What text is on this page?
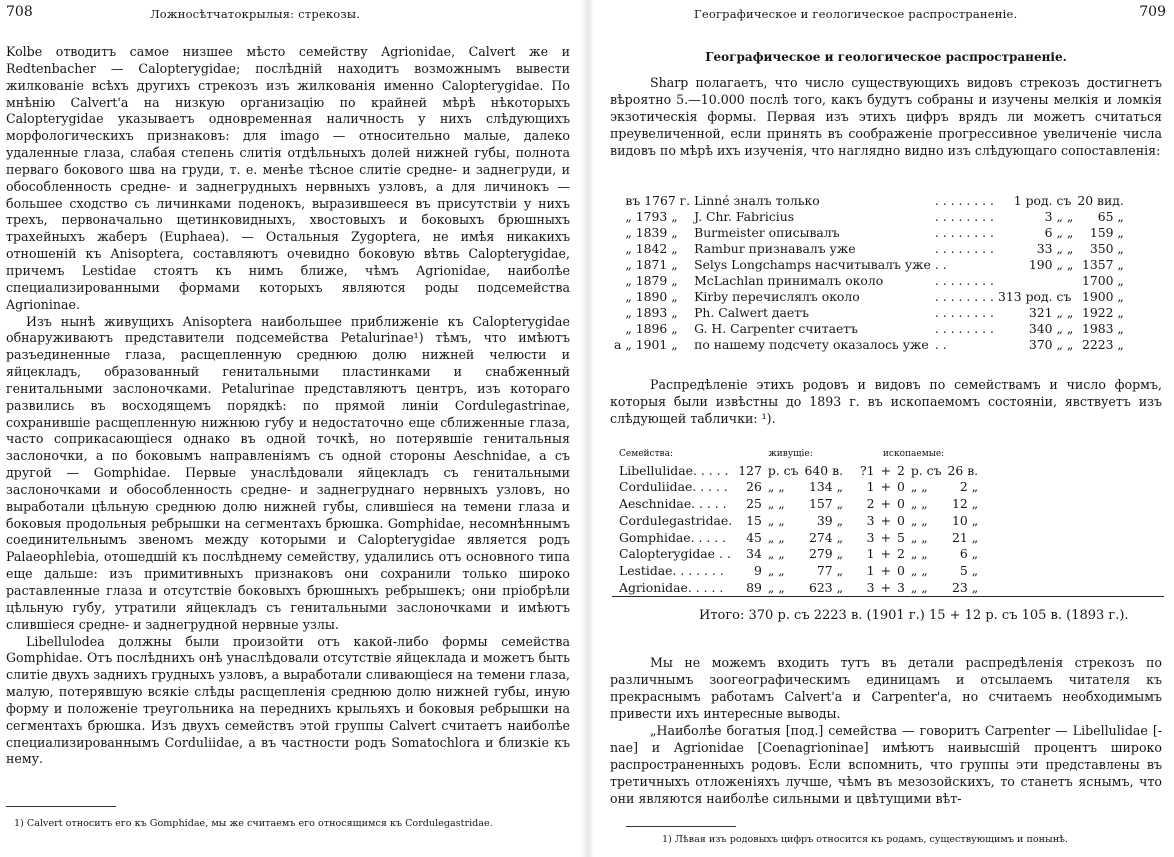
708	Ложносѣтчатокрылыя: стрекозы.

Kolbe отводитъ самое низшее мѣсто семейству Agrionidae, Calvert же и Redtenbacher — Calopterygidae; послѣдній находитъ возможнымъ вывести жилкованіе всѣхъ другихъ стрекозъ изъ жилкованія именно Calopterygidae. По мнѣнію Calvert'а на низкую организацію по крайней мѣрѣ нѣкоторыхъ Calopterygidae указываетъ одновременная наличность у нихъ слѣдующихъ морфологическихъ признаковъ: для imago — относительно малые, далеко удаленные глаза, слабая степень слитія отдѣльныхъ долей нижней губы, полнота перваго бокового шва на груди, т. е. менѣе тѣсное слитіе средне- и заднегруди, и обособленность средне- и заднегрудныхъ нервныхъ узловъ, а для личинокъ — большее сходство съ личинками поденокъ, выразившееся въ присутствіи у нихъ трехъ, первоначально щетинковидныхъ, хвостовыхъ и боковыхъ брюшныхъ трахейныхъ жаберъ (Euphaea). — Остальныя Zygoptera, не имѣя никакихъ отношеній къ Anisoptera, составляютъ очевидно боковую вѣтвь Calopterygidae, причемъ Lestidae стоятъ къ нимъ ближе, чѣмъ Agrionidae, наиболѣе специализированными формами которыхъ являются роды подсемейства Agrioninae.

Изъ нынѣ живущихъ Anisoptera наибольшее приближеніе къ Calopterygidae обнаруживаютъ представители подсемейства Petalurinae¹) тѣмъ, что имѣютъ разъединенные глаза, расщепленную среднюю долю нижней челюсти и яйцекладъ, образованный генитальными пластинками и снабженный генитальными заслоночками. Petalurinae представляютъ центръ, изъ котораго развились въ восходящемъ порядкѣ: по прямой линіи Cordulegastrinae, сохранившіе расщепленную нижнюю губу и недостаточно еще сближенные глаза, часто соприкасающіеся однако въ одной точкѣ, но потерявшіе генитальныя заслоночки, а по боковымъ направленіямъ съ одной стороны Aeschnidae, а съ другой — Gomphidae. Первые унаслѣдовали яйцекладъ съ генитальными заслоночками и обособленность средне- и заднегруднаго нервныхъ узловъ, но выработали цѣльную среднюю долю нижней губы, слившіеся на темени глаза и боковыя продольныя ребрышки на сегментахъ брюшка. Gomphidae, несомнѣннымъ соединительнымъ звеномъ между которыми и Calopterygidae является родъ Palaeophlebia, отошедшій къ послѣднему семейству, удалились отъ основного типа еще дальше: изъ примитивныхъ признаковъ они сохранили только широко раставленные глаза и отсутствіе боковыхъ брюшныхъ ребрышекъ; они пріобрѣли цѣльную губу, утратили яйцекладъ съ генитальными заслоночками и имѣютъ слившіеся средне- и заднегрудной нервные узлы.

Libellulodea должны были произойти отъ какой-либо формы семейства Gomphidae. Отъ послѣднихъ онѣ унаслѣдовали отсутствіе яйцеклада и можетъ быть слитіе двухъ заднихъ грудныхъ узловъ, а выработали сливающіеся на темени глаза, малую, потерявшую всякіе слѣды расщепленія среднюю долю нижней губы, иную форму и положеніе треугольника на переднихъ крыльяхъ и боковыя ребрышки на сегментахъ брюшка. Изъ двухъ семействъ этой группы Calvert считаетъ наиболѣе специализированнымъ Corduliidae, а въ частности родъ Somatochlora и близкіе къ нему.

1) Calvert относитъ его къ Gomphidae, мы же считаемъ его относящимся къ Cordulegastridae.
Географическое и геологическое распространеніе.	709
Географическое и геологическое распространеніе.

Sharp полагаетъ, что число существующихъ видовъ стрекозъ достигнетъ вѣроятно 5.—10.000 послѣ того, какъ будутъ собраны и изучены мелкія и ломкія экзотическія формы. Первая изъ этихъ цифръ врядъ ли можетъ считаться преувеличенной, если принять въ соображеніе прогрессивное увеличеніе числа видовъ по мѣрѣ ихъ изученія, что наглядно видно изъ слѣдующаго сопоставленія:

	въ 1767 г.	Linné зналъ только	. . . . . . . .	1 род.	съ	20 вид.
	„ 1793 „	J. Chr. Fabricius	. . . . . . . .	3	„ „	65 „
	„ 1839 „	Burmeister описывалъ	. . . . . . . .	6	„ „	159 „
	„ 1842 „	Rambur признавалъ уже	. . . . . . . .	33	„ „	350 „
	„ 1871 „	Selys Longchamps насчитывалъ уже	. .	190	„ „	1357 „
	„ 1879 „	McLachlan принималъ около	. . . . . . . .			1700 „
	„ 1890 „	Kirby перечислялъ около	. . . . . . . .	313 род.	съ	1900 „
	„ 1893 „	Ph. Calwert даетъ	. . . . . . . .	321	„ „	1922 „
	„ 1896 „	G. H. Carpenter считаетъ	. . . . . . . .	340	„ „	1983 „
а	„ 1901 „	по нашему подсчету оказалось уже	. .	370	„ „	2223 „

Распредѣленіе этихъ родовъ и видовъ по семействамъ и число формъ, которыя были извѣстны до 1893 г. въ ископаемомъ состояніи, явствуетъ изъ слѣдующей таблички: ¹).

Семейства:	живущіе:			ископаемые:				
Libellulidae. . . . .	127	р. съ	640 в.	?1	+	2	р. съ	26 в.
Corduliidae. . . . .	26	„ „	134 „	1	+	0	„ „	2 „
Aeschnidae. . . . .	25	„ „	157 „	2	+	0	„ „	12 „
Cordulegastridae.	15	„ „	39 „	3	+	0	„ „	10 „
Gomphidae. . . . .	45	„ „	274 „	3	+	5	„ „	21 „
Calopterygidae . .	34	„ „	279 „	1	+	2	„ „	6 „
Lestidae. . . . . . .	9	„ „	77 „	1	+	0	„ „	5 „
Agrionidae. . . . .	89	„ „	623 „	3	+	3	„ „	23 „
Итого: 370 р. съ 2223 в. (1901 г.) 15 + 12 р. съ 105 в. (1893 г.).

Мы не можемъ входить тутъ въ детали распредѣленія стрекозъ по различнымъ зоогеографическимъ единицамъ и отсылаемъ читателя къ прекраснымъ работамъ Calvert'а и Carpenter'а, но считаемъ необходимымъ привести ихъ интересные выводы.

„Наиболѣе богатыя [под.] семейства — говоритъ Carpenter — Libellulidae [-nae] и Agrionidae [Coenagrioninae] имѣютъ наивысшій процентъ широко распространенныхъ родовъ. Если вспомнить, что группы эти представлены въ третичныхъ отложеніяхъ лучше, чѣмъ въ мезозойскихъ, то станетъ яснымъ, что они являются наиболѣе сильными и цвѣтущими вѣт-

1) Лѣвая изъ родовыхъ цифръ относится къ родамъ, существующимъ и понынѣ.
